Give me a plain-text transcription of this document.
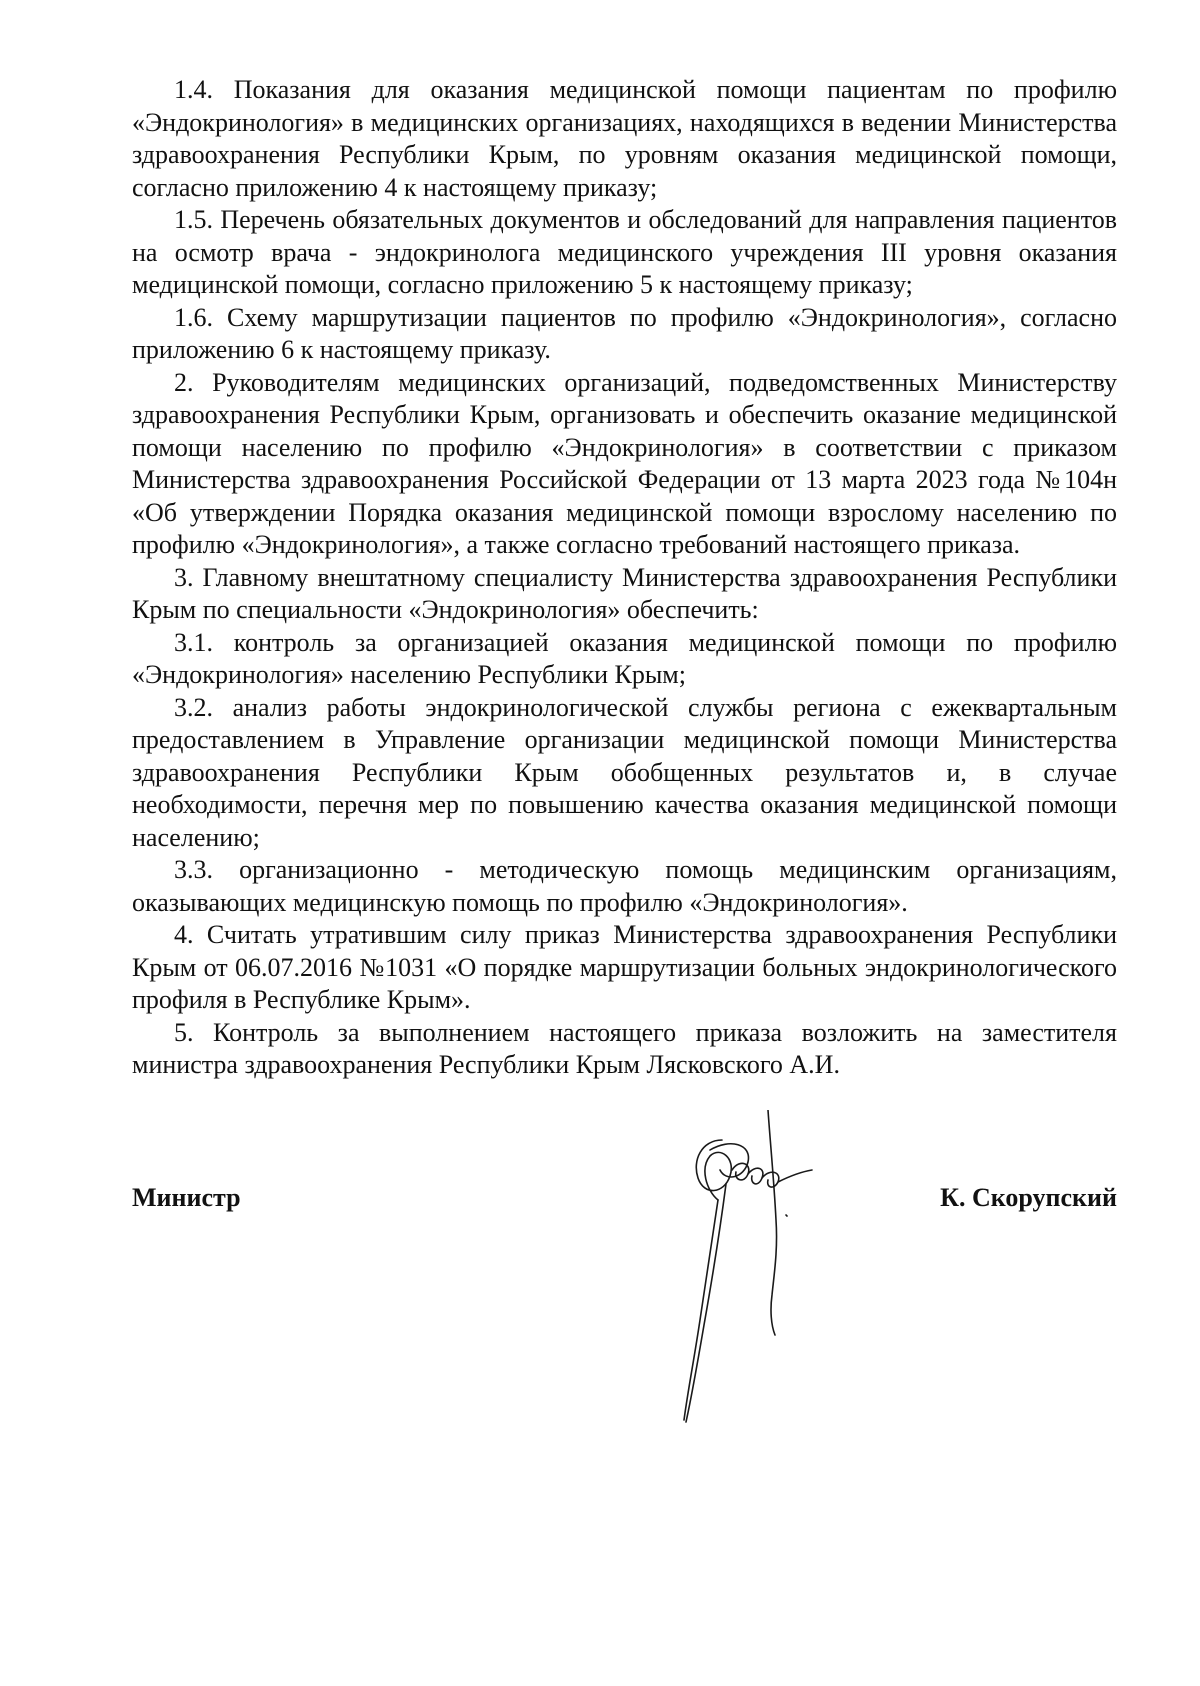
1.4. Показания для оказания медицинской помощи пациентам по профилю «Эндокринология» в медицинских организациях, находящихся в ведении Министерства здравоохранения Республики Крым, по уровням оказания медицинской помощи, согласно приложению 4 к настоящему приказу;

1.5. Перечень обязательных документов и обследований для направления пациентов на осмотр врача - эндокринолога медицинского учреждения III уровня оказания медицинской помощи, согласно приложению 5 к настоящему приказу;

1.6. Схему маршрутизации пациентов по профилю «Эндокринология», согласно приложению 6 к настоящему приказу.

2. Руководителям медицинских организаций, подведомственных Министерству здравоохранения Республики Крым, организовать и обеспечить оказание медицинской помощи населению по профилю «Эндокринология» в соответствии с приказом Министерства здравоохранения Российской Федерации от 13 марта 2023 года №104н «Об утверждении Порядка оказания медицинской помощи взрослому населению по профилю «Эндокринология», а также согласно требований настоящего приказа.

3. Главному внештатному специалисту Министерства здравоохранения Республики Крым по специальности «Эндокринология» обеспечить:

3.1. контроль за организацией оказания медицинской помощи по профилю «Эндокринология» населению Республики Крым;

3.2. анализ работы эндокринологической службы региона с ежеквартальным предоставлением в Управление организации медицинской помощи Министерства здравоохранения Республики Крым обобщенных результатов и, в случае необходимости, перечня мер по повышению качества оказания медицинской помощи населению;

3.3. организационно - методическую помощь медицинским организациям, оказывающих медицинскую помощь по профилю «Эндокринология».

4. Считать утратившим силу приказ Министерства здравоохранения Республики Крым от 06.07.2016 №1031 «О порядке маршрутизации больных эндокринологического профиля в Республике Крым».

5. Контроль за выполнением настоящего приказа возложить на заместителя министра здравоохранения Республики Крым Лясковского А.И.

Министр	К. Скорупский
